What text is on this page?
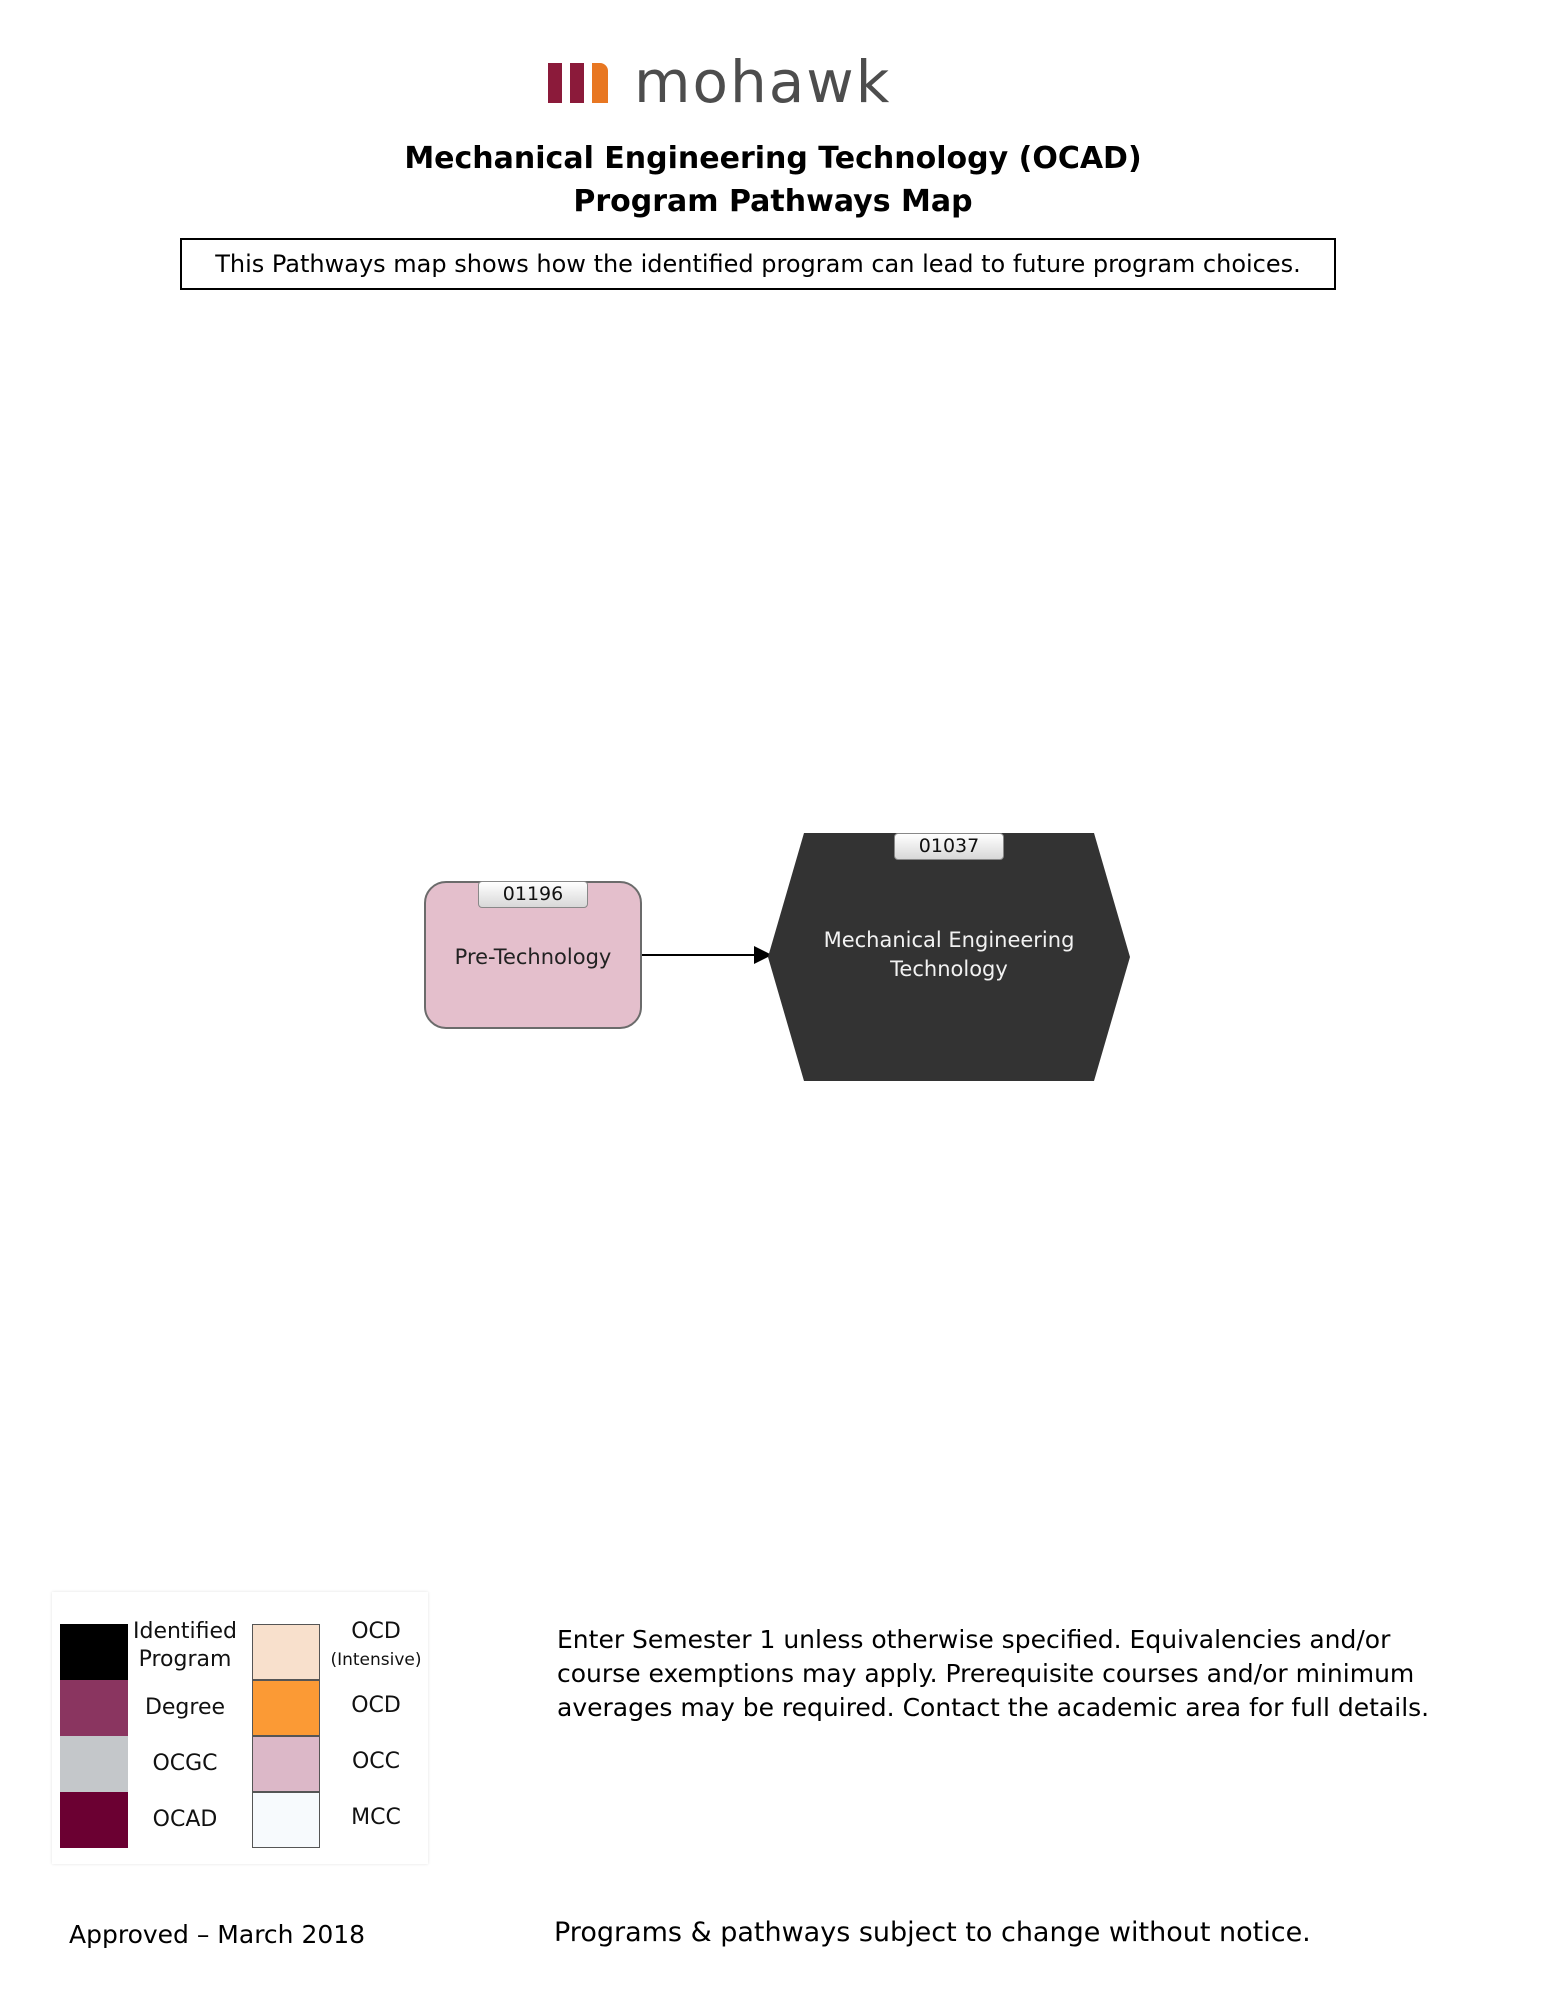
mohawk
Mechanical Engineering Technology (OCAD)
Program Pathways Map
This Pathways map shows how the identified program can lead to future program choices.
Pre-Technology
01196
01037
Mechanical Engineering
Technology
Identified
Program
Degree
OCGC
OCAD
OCD
(Intensive)
OCD
OCC
MCC
Enter Semester 1 unless otherwise specified. Equivalencies and/or course exemptions may apply. Prerequisite courses and/or minimum averages may be required. Contact the academic area for full details.
Approved – March 2018	Programs & pathways subject to change without notice.
